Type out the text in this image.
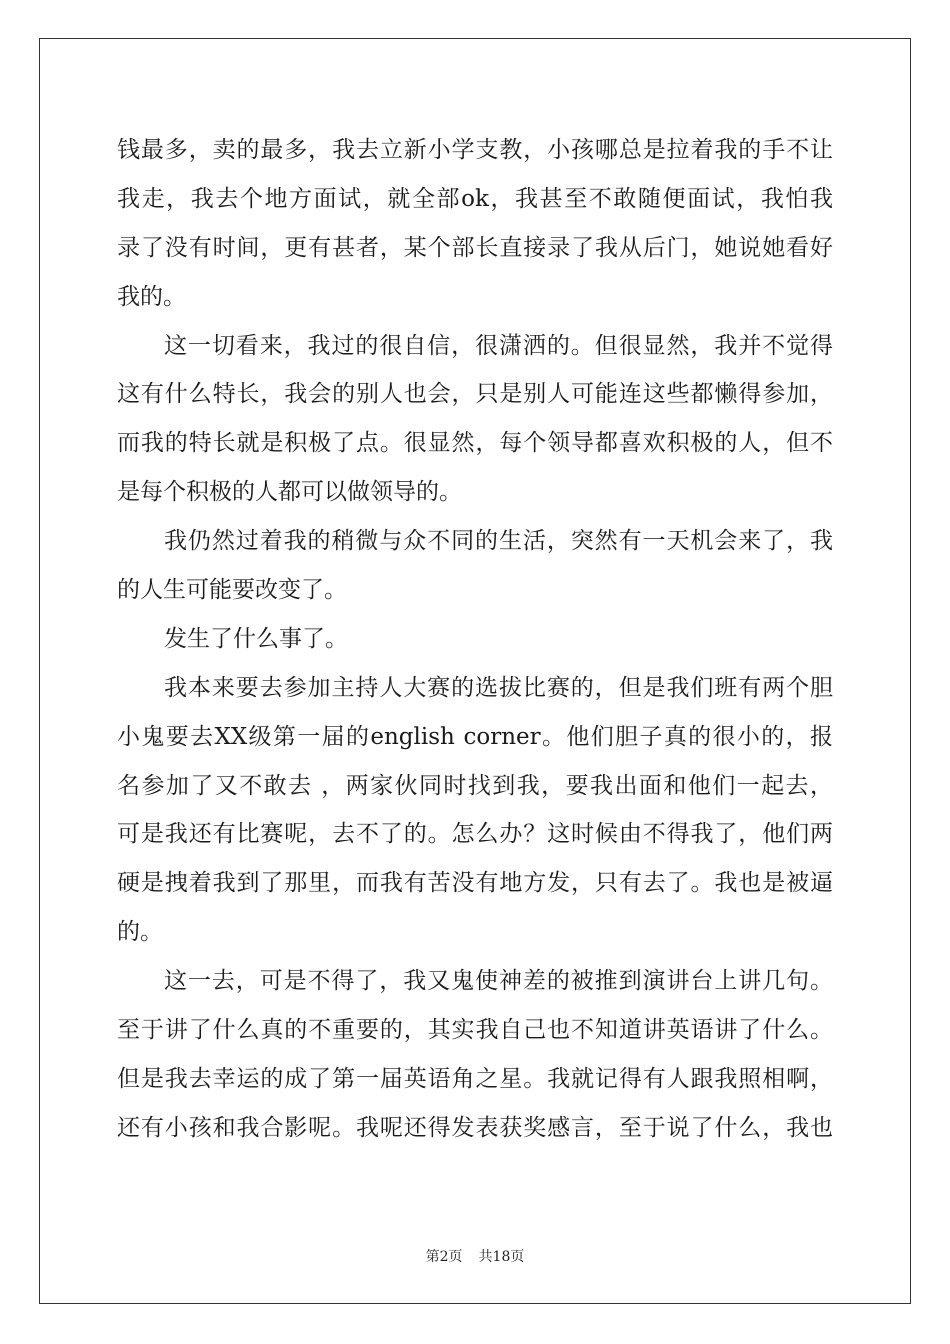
钱最多，卖的最多，我去立新小学支教，小孩哪总是拉着我的手不让
我走，我去个地方面试，就全部ok，我甚至不敢随便面试，我怕我
录了没有时间，更有甚者，某个部长直接录了我从后门，她说她看好
我的。
这一切看来，我过的很自信，很潇洒的。但很显然，我并不觉得
这有什么特长，我会的别人也会，只是别人可能连这些都懒得参加，
而我的特长就是积极了点。很显然，每个领导都喜欢积极的人，但不
是每个积极的人都可以做领导的。
我仍然过着我的稍微与众不同的生活，突然有一天机会来了，我
的人生可能要改变了。
发生了什么事了。
我本来要去参加主持人大赛的选拔比赛的，但是我们班有两个胆
小鬼要去XX级第一届的english corner。他们胆子真的很小的，报
名参加了又不敢去 ，两家伙同时找到我，要我出面和他们一起去，
可是我还有比赛呢，去不了的。怎么办？这时候由不得我了，他们两
硬是拽着我到了那里，而我有苦没有地方发，只有去了。我也是被逼
的。
这一去，可是不得了，我又鬼使神差的被推到演讲台上讲几句。
至于讲了什么真的不重要的，其实我自己也不知道讲英语讲了什么。
但是我去幸运的成了第一届英语角之星。我就记得有人跟我照相啊，
还有小孩和我合影呢。我呢还得发表获奖感言，至于说了什么，我也
第2页 共18页
